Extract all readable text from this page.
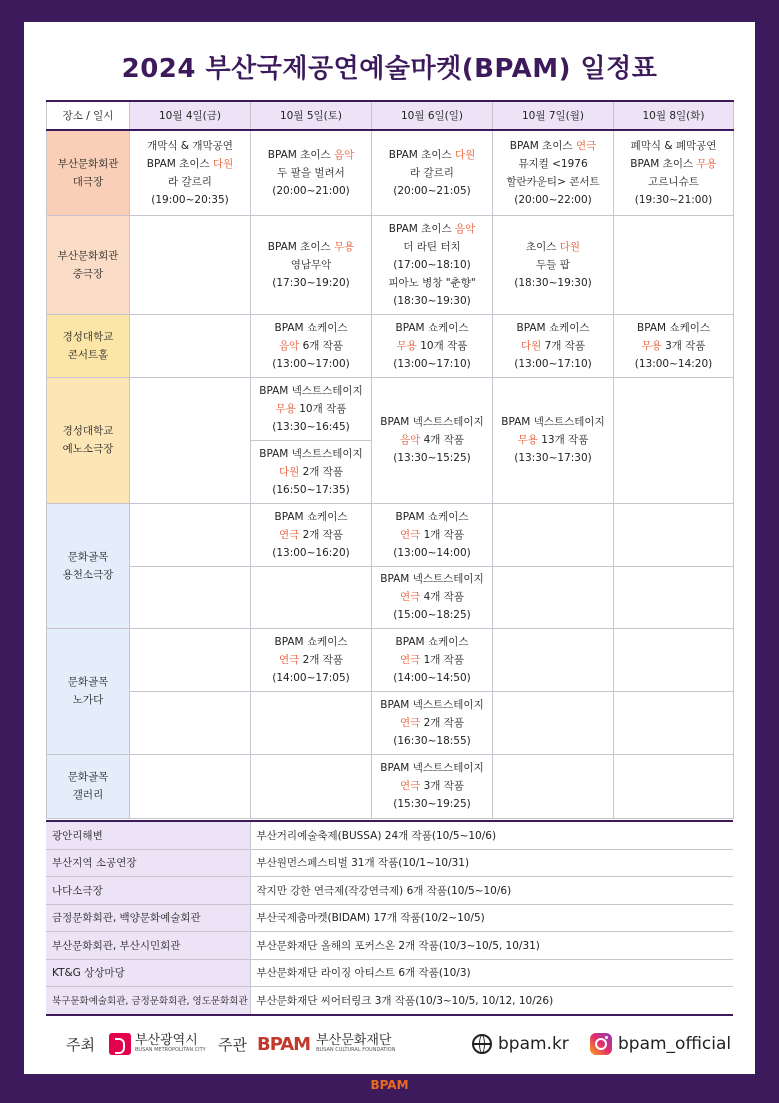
2024 부산국제공연예술마켓(BPAM) 일정표
장소 / 일시	10월 4일(금)	10월 5일(토)	10월 6일(일)	10월 7일(월)	10월 8일(화)
부산문화회관
대극장	개막식 & 개막공연
BPAM 초이스 다원
라 갈르리
(19:00~20:35)	BPAM 초이스 음악
두 팔을 벌려서
(20:00~21:00)	BPAM 초이스 다원
라 갈르리
(20:00~21:05)	BPAM 초이스 연극
뮤지컬 <1976
할란카운티> 콘서트
(20:00~22:00)	폐막식 & 폐막공연
BPAM 초이스 무용
고르니슈트
(19:30~21:00)
부산문화회관
중극장		BPAM 초이스 무용
영남무악
(17:30~19:20)	BPAM 초이스 음악
더 라틴 터치
(17:00~18:10)
피아노 병창 "춘향"
(18:30~19:30)	초이스 다원
두들 팝
(18:30~19:30)	
경성대학교
콘서트홀		BPAM 쇼케이스
음악 6개 작품
(13:00~17:00)	BPAM 쇼케이스
무용 10개 작품
(13:00~17:10)	BPAM 쇼케이스
다원 7개 작품
(13:00~17:10)	BPAM 쇼케이스
무용 3개 작품
(13:00~14:20)
경성대학교
예노소극장		BPAM 넥스트스테이지
무용 10개 작품
(13:30~16:45)	BPAM 넥스트스테이지
음악 4개 작품
(13:30~15:25)	BPAM 넥스트스테이지
무용 13개 작품
(13:30~17:30)	
		BPAM 넥스트스테이지
다원 2개 작품
(16:50~17:35)			
문화골목
용천소극장		BPAM 쇼케이스
연극 2개 작품
(13:00~16:20)	BPAM 쇼케이스
연극 1개 작품
(13:00~14:00)		
			BPAM 넥스트스테이지
연극 4개 작품
(15:00~18:25)		
문화골목
노가다		BPAM 쇼케이스
연극 2개 작품
(14:00~17:05)	BPAM 쇼케이스
연극 1개 작품
(14:00~14:50)		
			BPAM 넥스트스테이지
연극 2개 작품
(16:30~18:55)		
문화골목
갤러리			BPAM 넥스트스테이지
연극 3개 작품
(15:30~19:25)		
광안리해변	부산거리예술축제(BUSSA) 24개 작품(10/5~10/6)
부산지역 소공연장	부산원먼스페스티벌 31개 작품(10/1~10/31)
나다소극장	작지만 강한 연극제(작강연극제) 6개 작품(10/5~10/6)
금정문화회관, 백양문화예술회관	부산국제춤마켓(BIDAM) 17개 작품(10/2~10/5)
부산문화회관, 부산시민회관	부산문화재단 올해의 포커스온 2개 작품(10/3~10/5, 10/31)
KT&G 상상마당	부산문화재단 라이징 아티스트 6개 작품(10/3)
북구문화예술회관, 금정문화회관, 영도문화회관	부산문화재단 씨어터링크 3개 작품(10/3~10/5, 10/12, 10/26)
주최	부산광역시
BUSAN METROPOLITAN CITY 주관 BPAM 부산문화재단
BUSAN CULTURAL FOUNDATION	bpam.kr	bpam_official
BPAM
